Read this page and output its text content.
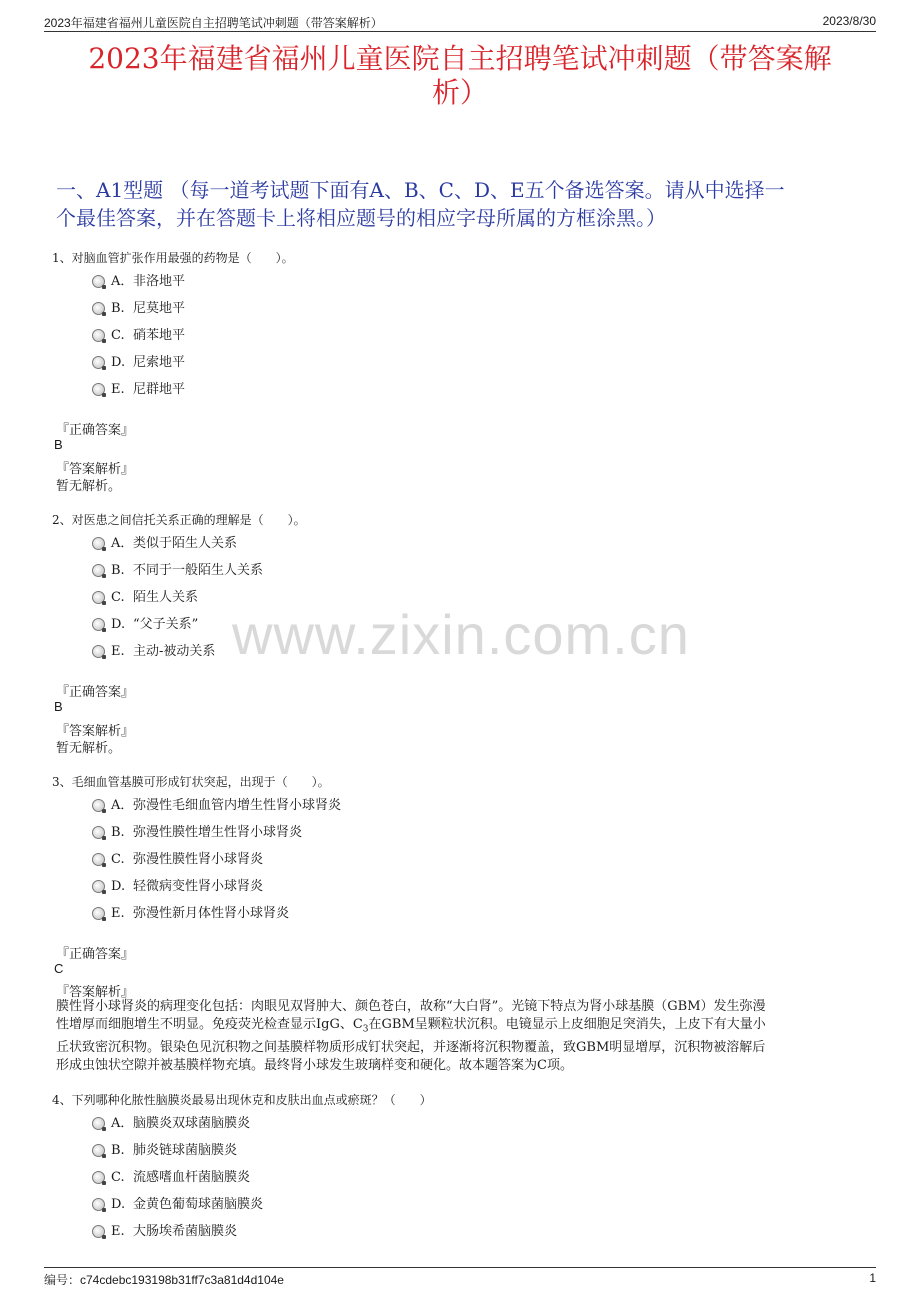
2023年福建省福州儿童医院自主招聘笔试冲刺题（带答案解析）	2023/8/30
2023年福建省福州儿童医院自主招聘笔试冲刺题（带答案解
析）
一、A1型题 （每一道考试题下面有A、B、C、D、E五个备选答案。请从中选择一
个最佳答案，并在答题卡上将相应题号的相应字母所属的方框涂黑。）
www.zixin.com.cn
1、对脑血管扩张作用最强的药物是（　　）。
A．非洛地平
B. 尼莫地平
C. 硝苯地平
D. 尼索地平
E. 尼群地平
『正确答案』
B
『答案解析』
暂无解析。
2、对医患之间信托关系正确的理解是（　　）。
A．类似于陌生人关系
B. 不同于一般陌生人关系
C. 陌生人关系
D. “父子关系”
E. 主动-被动关系
『正确答案』
B
『答案解析』
暂无解析。
3、毛细血管基膜可形成钉状突起，出现于（　　）。
A．弥漫性毛细血管内增生性肾小球肾炎
B. 弥漫性膜性增生性肾小球肾炎
C. 弥漫性膜性肾小球肾炎
D. 轻微病变性肾小球肾炎
E. 弥漫性新月体性肾小球肾炎
『正确答案』
C
『答案解析』
膜性肾小球肾炎的病理变化包括：肉眼见双肾肿大、颜色苍白，故称“大白肾”。光镜下特点为肾小球基膜（GBM）发生弥漫
性增厚而细胞增生不明显。免疫荧光检查显示IgG、$C_3$在GBM呈颗粒状沉积。电镜显示上皮细胞足突消失，上皮下有大量小
丘状致密沉积物。银染色见沉积物之间基膜样物质形成钉状突起，并逐渐将沉积物覆盖，致GBM明显增厚，沉积物被溶解后
形成虫蚀状空隙并被基膜样物充填。最终肾小球发生玻璃样变和硬化。故本题答案为C项。
4、下列哪种化脓性脑膜炎最易出现休克和皮肤出血点或瘀斑？（　　）
A．脑膜炎双球菌脑膜炎
B. 肺炎链球菌脑膜炎
C. 流感嗜血杆菌脑膜炎
D. 金黄色葡萄球菌脑膜炎
E. 大肠埃希菌脑膜炎
编号：c74cdebc193198b31ff7c3a81d4d104e	1
